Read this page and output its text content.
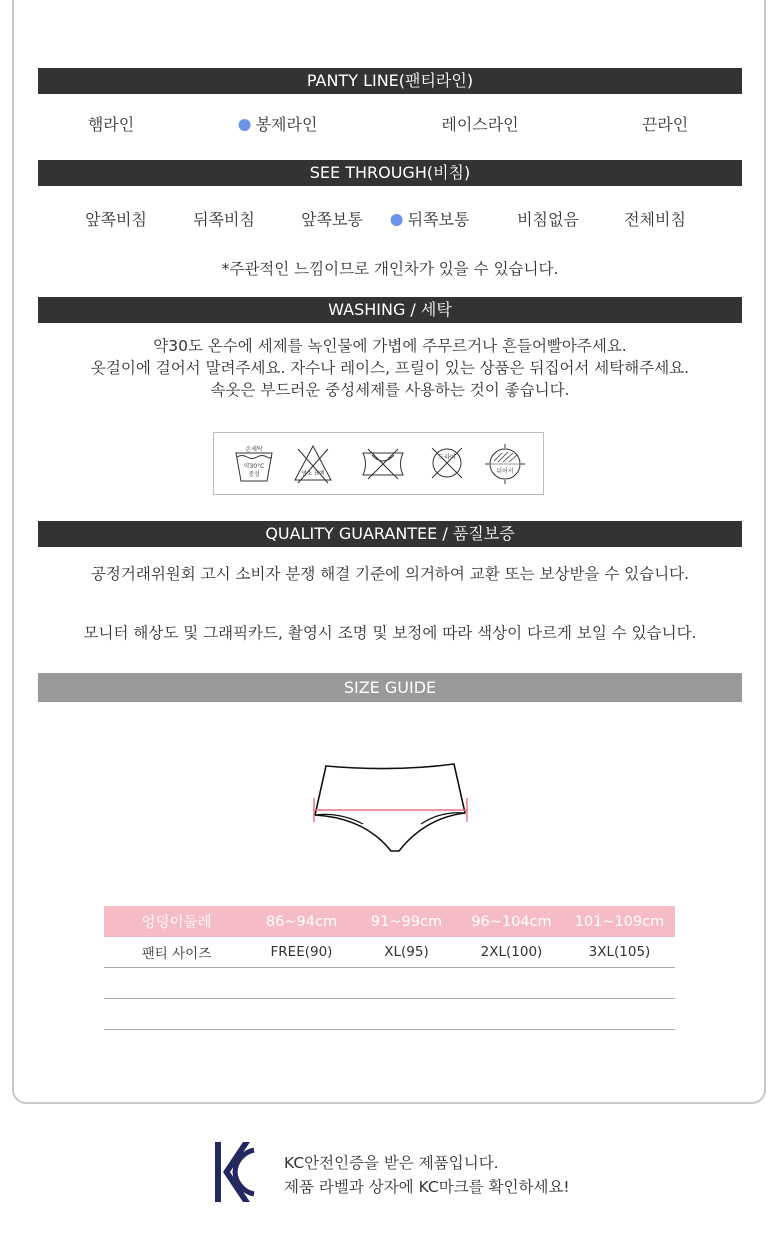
PANTY LINE(팬티라인)
햄라인	봉제라인	레이스라인	끈라인
SEE THROUGH(비침)
앞쪽비침	뒤쪽비침	앞쪽보통	뒤쪽보통	비침없음	전체비침
*주관적인 느낌이므로 개인차가 있을 수 있습니다.
WASHING / 세탁
약30도 온수에 세제를 녹인물에 가볍에 주무르거나 흔들어빨아주세요.
옷걸이에 걸어서 말려주세요. 자수나 레이스, 프릴이 있는 상품은 뒤집어서 세탁해주세요.
속옷은 부드러운 중성세제를 사용하는 것이 좋습니다.
손세탁
약30°C
중성	염소 표백
드라이
뉘어서
QUALITY GUARANTEE / 품질보증
공정거래위원회 고시 소비자 분쟁 해결 기준에 의거하여 교환 또는 보상받을 수 있습니다.
모니터 해상도 및 그래픽카드, 촬영시 조명 및 보정에 따라 색상이 다르게 보일 수 있습니다.
SIZE GUIDE
엉덩이둘레	86~94cm	91~99cm	96~104cm	101~109cm
팬티 사이즈	FREE(90)	XL(95)	2XL(100)	3XL(105)

KC안전인증을 받은 제품입니다.
제품 라벨과 상자에 KC마크를 확인하세요!
